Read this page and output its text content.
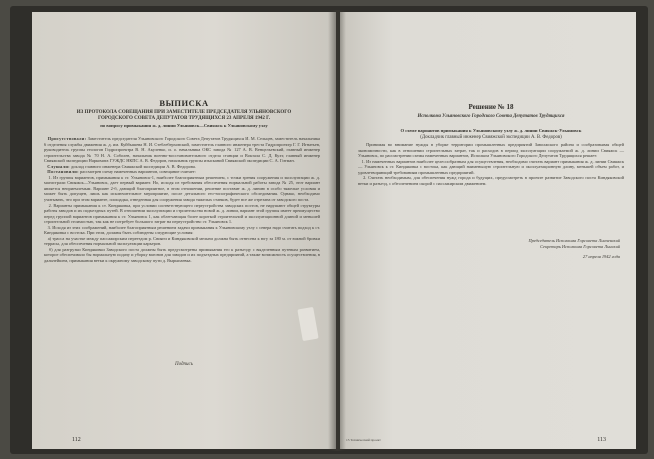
ВЫПИСКА
ИЗ ПРОТОКОЛА СОВЕЩАНИЯ ПРИ ЗАМЕСТИТЕЛЕ ПРЕДСЕДАТЕЛЯ УЛЬЯНОВСКОГО
ГОРОДСКОГО СОВЕТА ДЕПУТАТОВ ТРУДЯЩИХСЯ 23 АПРЕЛЯ 1942 Г.
по вопросу примыкания ж. д. линии Ульяновск—Свияжск к Ульяновскому узлу

Присутствовали: Заместитель председателя Ульяновского Городского Совета Депутатов Трудящихся И. М. Сельцев, заместитель начальника 6 отделения службы движения ж. д. им. Куйбышева Н. И. Стеблеберховский, заместитель главного инженера треста Гидропроектр Г. Г. Игнатьев, руководитель группы геологов Гидропроектра В. Н. Акуленко, и. о. начальника ОКС завода № 127 А. В. Венцельевский, главный инженер строительства завода № 70 Н. А. Соболев, начальник военно-восстановительного отдела станции и Вокзала С. Д. Кухт, главный инженер Свияжской экспедиции Наркомата ГУЖДС НКПС А. В. Федоров, начальник группы изысканий Свияжской экспедиции С. А. Гитман.

Слушали: доклад главного инженера Свияжской экспедиции А. В. Федорова.

Постановили: рассмотрев схему намеченных вариантов, совещание считает:

1. Из группы вариантов, примыкания к ст. Ульяновск-1, наиболее благоприятным решением, с точки зрения сооружения и эксплуатации ж. д. магистрали Свияжск—Ульяновск, дает первый вариант. Но, исходя из требования обеспечения нормальной работы завода № 25, этот вариант является неприемлемым. Вариант 2-б, дающий благоприятное, в этом отношении, решение поставит ж. д. линию в особо тяжелые условия и может быть допущен, лишь как исключительное мероприятие, после детального гео-топографического обследования. Однако, необходимо учитывать, что при этом варианте, площадка, отведенная для сооружения завода тяжелых станков, будет все же отрезана от заводского поста.

2. Варианты примыкания к ст. Киндяковка, при условии соответствующего переустройства заводских постов, не нарушают общей структуры работы заводов и их подъездных путей. В отношении эксплуатации и строительства новой ж. д. линии, вариант этой группы имеет преимущество перед группой вариантов примыкания к ст. Ульяновск 1, как облегчающая более короткой строительной и эксплуатационной длиной и меньшей строительной стоимостью, так как не потребует большого затрат на переустройство ст. Ульяновск 1.

3. Исходя из этих соображений, наиболее благоприятным решением задачи примыкания к Ульяновскому узлу с севера надо считать подход к ст. Киндяковка с востока. При этом, должны быть соблюдены следующие условия:

а) трасса на участке между пассажирским переездом р. Свияги и Киндяковской мельни должна быть отнесена к югу за 180 м. от южной бровки террасы, для обеспечения нормальной эксплуатации карьеров.

б) для разгрузки Киндяковки Заводского поста должны быть предусмотрены примыкания его к разъезду с выделенным путевым развитием, которое обеспечивало бы нормальную подачу и уборку вагонов для заводов и их подъездных предприятий, а также возможность осуществления, в дальнейшем, примыкания ветки к окружному заводскому пути д. Вырыпаевка.

Подпись
112
Решение № 18
Исполкома Ульяновского Городского Совета Депутатов Трудящихся
О схеме вариантов примыкания к Ульяновскому узлу ж. д. линии Свияжск-Ульяновск
(Докладчик главный инженер Свияжской экспедиции А. В. Федоров)

Принимая во внимание нужды в уборке территории промышленных предприятий Заволжского района и сообразовывая общей экономичности, как в отношении строительных затрат, так и расходов в период эксплуатации сооружаемой ж. д. линии Свияжск — Ульяновск, по рассмотрении схемы намеченных вариантов, Исполком Ульяновского Городского Депутатов Трудящихся решает:

1. Из намеченных вариантов наиболее целесообразным для осуществления, необходимо считать вариант примыкания ж. д. линии Свияжск — Ульяновск к ст. Киндяковка с востока, как дающий наименьшую строительную и эксплуатационную длину, меньшей объем работ, и удовлетворяющий требованиям промышленных предприятий.

2. Считать необходимым, для обеспечения нужд города и будущих, предусмотреть в проекте развитие Заводского поста Киндяковской ветки и разъезд, с обеспечением скорой с пассажирским движением.

Председатель Исполкома Горсовета Линчевский
Секретарь Исполкома Горсовета Линский
27 апреля 1942 года
15 Технический проект	113
